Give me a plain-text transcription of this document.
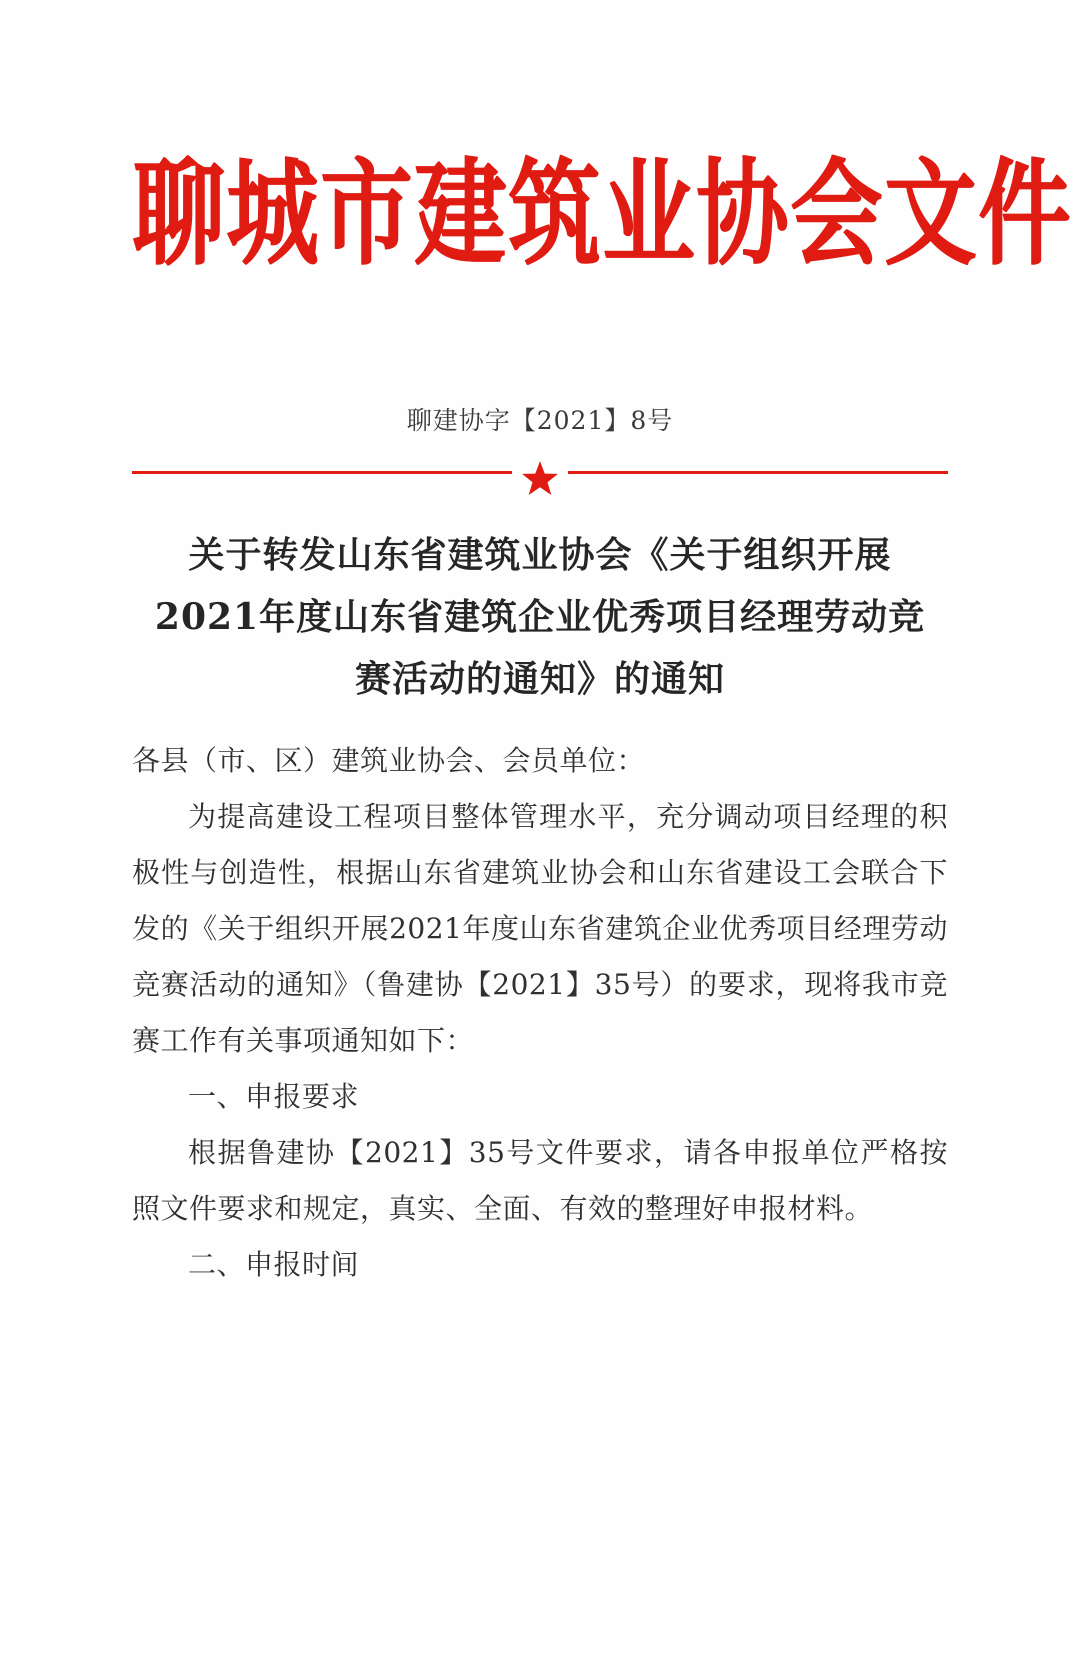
聊城市建筑业协会文件
聊建协字【2021】8号
关于转发山东省建筑业协会《关于组织开展2021年度山东省建筑企业优秀项目经理劳动竞赛活动的通知》的通知

各县（市、区）建筑业协会、会员单位：

为提高建设工程项目整体管理水平，充分调动项目经理的积极性与创造性，根据山东省建筑业协会和山东省建设工会联合下发的《关于组织开展2021年度山东省建筑企业优秀项目经理劳动竞赛活动的通知》（鲁建协【2021】35号）的要求，现将我市竞赛工作有关事项通知如下：

一、申报要求

根据鲁建协【2021】35号文件要求，请各申报单位严格按照文件要求和规定，真实、全面、有效的整理好申报材料。

二、申报时间
